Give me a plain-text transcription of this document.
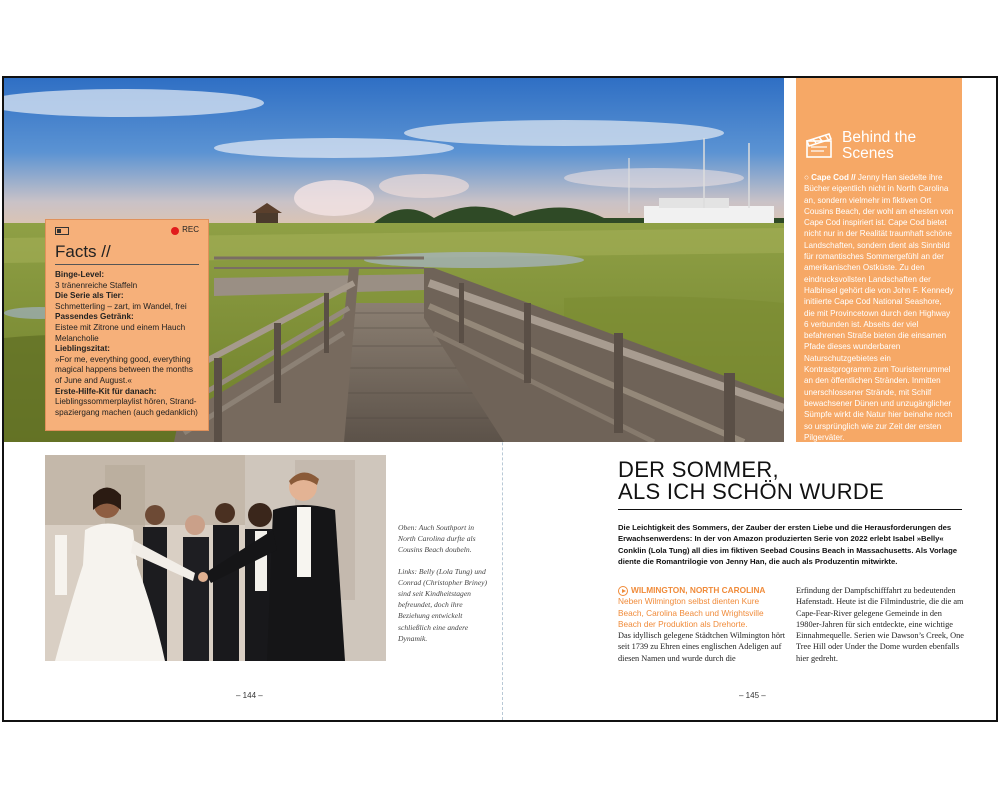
REC
Facts //
Binge-Level:
3 tränenreiche Staffeln
Die Serie als Tier:
Schmetterling – zart, im Wandel, frei
Passendes Getränk:
Eistee mit Zitrone und einem Hauch Melancholie
Lieblingszitat:
»For me, everything good, everything magical happens between the months of June and August.«
Erste-Hilfe-Kit für danach:
Lieblingssommerplaylist hören, Strand-spaziergang machen (auch gedanklich)
Behind the
Scenes
○ Cape Cod // Jenny Han siedelte ihre Bücher eigentlich nicht in North Carolina an, sondern vielmehr im fiktiven Ort Cousins Beach, der wohl am ehesten von Cape Cod inspiriert ist. Cape Cod bietet nicht nur in der Realität traumhaft schöne Landschaften, sondern dient als Sinnbild für romantisches Sommergefühl an der amerikanischen Ostküste. Zu den eindrucksvollsten Landschaften der Halbinsel gehört die von John F. Kennedy initiierte Cape Cod National Seashore, die mit Provincetown durch den Highway 6 verbunden ist. Abseits der viel befahrenen Straße bieten die einsamen Pfade dieses wunderbaren Naturschutzgebietes ein Kontrastprogramm zum Touristenrummel an den öffentlichen Stränden. Inmitten unerschlossener Strände, mit Schilf bewachsener Dünen und unzugänglicher Sümpfe wirkt die Natur hier beinahe noch so ursprünglich wie zur Zeit der ersten Pilgerväter.

Oben: Auch Southport in North Carolina durfte als Cousins Beach doubeln.

Links: Belly (Lola Tung) und Conrad (Christopher Briney) sind seit Kindheitstagen befreundet, doch ihre Beziehung entwickelt schließlich eine andere Dynamik.

– 144 –	– 145 –
DER SOMMER,
ALS ICH SCHÖN WURDE
Die Leichtigkeit des Sommers, der Zauber der ersten Liebe und die Herausforderungen des Erwachsenwerdens: In der von Amazon produzierten Serie von 2022 erlebt Isabel »Belly« Conklin (Lola Tung) all dies im fiktiven Seebad Cousins Beach in Massachusetts. Als Vorlage diente die Romantrilogie von Jenny Han, die auch als Produzentin mitwirkte.
WILMINGTON, NORTH CAROLINA
Neben Wilmington selbst dienten Kure Beach, Carolina Beach und Wrightsville Beach der Produktion als Drehorte.
Das idyllisch gelegene Städtchen Wilmington hört seit 1739 zu Ehren eines englischen Adeligen auf diesen Namen und wurde durch die
Erfindung der Dampfschifffahrt zu bedeutenden Hafenstadt. Heute ist die Filmindustrie, die die am Cape-Fear-River gelegene Gemeinde in den 1980er-Jahren für sich entdeckte, eine wichtige Einnahmequelle. Serien wie Dawson’s Creek, One Tree Hill oder Under the Dome wurden ebenfalls hier gedreht.
